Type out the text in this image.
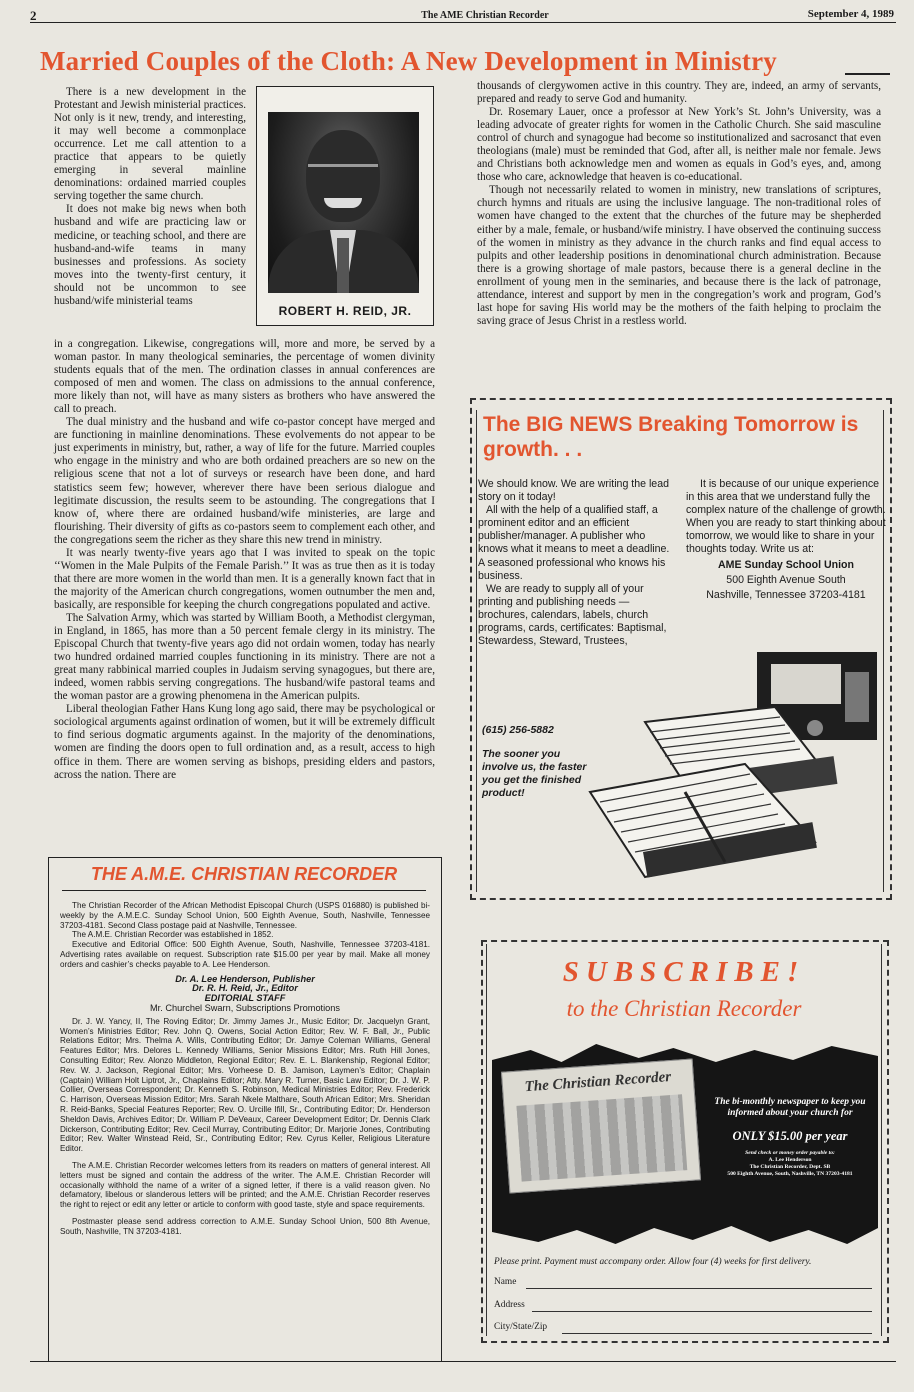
2	The AME Christian Recorder	September 4, 1989
Married Couples of the Cloth: A New Development in Ministry

There is a new development in the Protestant and Jewish ministerial practices. Not only is it new, trendy, and interesting, it may well become a commonplace occurrence. Let me call attention to a practice that appears to be quietly emerging in several mainline denominations: ordained married couples serving together the same church.

It does not make big news when both husband and wife are practicing law or medicine, or teaching school, and there are husband-and-wife teams in many businesses and professions. As society moves into the twenty-first century, it should not be uncommon to see husband/wife ministerial teams

ROBERT H. REID, JR.

in a congregation. Likewise, congregations will, more and more, be served by a woman pastor. In many theological seminaries, the percentage of women divinity students equals that of the men. The ordination classes in annual conferences are composed of men and women. The class on admissions to the annual conference, more likely than not, will have as many sisters as brothers who have answered the call to preach.

The dual ministry and the husband and wife co-pastor concept have merged and are functioning in mainline denominations. These evolvements do not appear to be just experiments in ministry, but, rather, a way of life for the future. Married couples who engage in the ministry and who are both ordained preachers are so new on the religious scene that not a lot of surveys or research have been done, and hard statistics seem few; however, wherever there have been serious dialogue and legitimate discussion, the results seem to be astounding. The congregations that I know of, where there are ordained husband/wife ministeries, are large and flourishing. Their diversity of gifts as co-pastors seem to complement each other, and the congregations seem the richer as they share this new trend in ministry.

It was nearly twenty-five years ago that I was invited to speak on the topic ‘‘Women in the Male Pulpits of the Female Parish.’’ It was as true then as it is today that there are more women in the world than men. It is a generally known fact that in the majority of the American church congregations, women outnumber the men and, basically, are responsible for keeping the church congregations populated and active.

The Salvation Army, which was started by William Booth, a Methodist clergyman, in England, in 1865, has more than a 50 percent female clergy in its ministry. The Episcopal Church that twenty-five years ago did not ordain women, today has nearly two hundred ordained married couples functioning in its ministry. There are not a great many rabbinical married couples in Judaism serving synagogues, but there are, indeed, women rabbis serving congregations. The husband/wife pastoral teams and the woman pastor are a growing phenomena in the American pulpits.

Liberal theologian Father Hans Kung long ago said, there may be psychological or sociological arguments against ordination of women, but it will be extremely difficult to find serious dogmatic arguments against. In the majority of the denominations, women are finding the doors open to full ordination and, as a result, access to high office in them. There are women serving as bishops, presiding elders and pastors, across the nation. There are

thousands of clergywomen active in this country. They are, indeed, an army of servants, prepared and ready to serve God and humanity.

Dr. Rosemary Lauer, once a professor at New York’s St. John’s University, was a leading advocate of greater rights for women in the Catholic Church. She said masculine control of church and synagogue had become so institutionalized and sacrosanct that even theologians (male) must be reminded that God, after all, is neither male nor female. Jews and Christians both acknowledge men and women as equals in God’s eyes, and, among those who care, acknowledge that heaven is co-educational.

Though not necessarily related to women in ministry, new translations of scriptures, church hymns and rituals are using the inclusive language. The non-traditional roles of women have changed to the extent that the churches of the future may be shepherded either by a male, female, or husband/wife ministry. I have observed the continuing success of the women in ministry as they advance in the church ranks and find equal access to pulpits and other leadership positions in denominational church administration. Because there is a growing shortage of male pastors, because there is a general decline in the enrollment of young men in the seminaries, and because there is the lack of patronage, attendance, interest and support by men in the congregation’s work and program, God’s last hope for saving His world may be the mothers of the faith helping to proclaim the saving grace of Jesus Christ in a restless world.

The BIG NEWS Breaking Tomorrow is growth. . .

We should know. We are writing the lead story on it today!

All with the help of a qualified staff, a prominent editor and an efficient publisher/manager. A publisher who knows what it means to meet a deadline. A seasoned professional who knows his business.

We are ready to supply all of your printing and publishing needs — brochures, calendars, labels, church programs, cards, certificates: Baptismal, Stewardess, Steward, Trustees,

It is because of our unique experience in this area that we understand fully the complex nature of the challenge of growth. When you are ready to start thinking about tomorrow, we would like to share in your thoughts today. Write us at:

AME Sunday School Union

500 Eighth Avenue South

Nashville, Tennessee 37203-4181

(615) 256-5882
The sooner you involve us, the faster you get the finished product!
THE A.M.E. CHRISTIAN RECORDER

The Christian Recorder of the African Methodist Episcopal Church (USPS 016880) is published bi-weekly by the A.M.E.C. Sunday School Union, 500 Eighth Avenue, South, Nashville, Tennessee 37203-4181. Second Class postage paid at Nashville, Tennessee.

The A.M.E. Christian Recorder was established in 1852.

Executive and Editorial Office: 500 Eighth Avenue, South, Nashville, Tennessee 37203-4181. Advertising rates available on request. Subscription rate $15.00 per year by mail. Make all money orders and cashier’s checks payable to A. Lee Henderson.

Dr. A. Lee Henderson, Publisher

Dr. R. H. Reid, Jr., Editor

EDITORIAL STAFF

Mr. Churchel Swarn, Subscriptions Promotions

Dr. J. W. Yancy, II, The Roving Editor; Dr. Jimmy James Jr., Music Editor; Dr. Jacquelyn Grant, Women’s Ministries Editor; Rev. John Q. Owens, Social Action Editor; Rev. W. F. Ball, Jr., Public Relations Editor; Mrs. Thelma A. Wills, Contributing Editor; Dr. Jamye Coleman Williams, General Features Editor; Mrs. Delores L. Kennedy Williams, Senior Missions Editor; Mrs. Ruth Hill Jones, Consulting Editor; Rev. Alonzo Middleton, Regional Editor; Rev. E. L. Blankenship, Regional Editor; Rev. W. J. Jackson, Regional Editor; Mrs. Vorheese D. B. Jamison, Laymen’s Editor; Chaplain (Captain) William Holt Liptrot, Jr., Chaplains Editor; Atty. Mary R. Turner, Basic Law Editor; Dr. J. W. P. Collier, Overseas Correspondent; Dr. Kenneth S. Robinson, Medical Ministries Editor; Rev. Frederick C. Harrison, Overseas Mission Editor; Mrs. Sarah Nkele Malthare, South African Editor; Mrs. Sheridan R. Reid-Banks, Special Features Reporter; Rev. O. Urcille Ifill, Sr., Contributing Editor; Dr. Henderson Sheldon Davis, Archives Editor; Dr. William P. DeVeaux, Career Development Editor; Dr. Dennis Clark Dickerson, Contributing Editor; Rev. Cecil Murray, Contributing Editor; Dr. Marjorie Jones, Contributing Editor; Rev. Walter Winstead Reid, Sr., Contributing Editor; Rev. Cyrus Keller, Religious Literature Editor.

The A.M.E. Christian Recorder welcomes letters from its readers on matters of general interest. All letters must be signed and contain the address of the writer. The A.M.E. Christian Recorder will occasionally withhold the name of a writer of a signed letter, if there is a valid reason given. No defamatory, libelous or slanderous letters will be printed; and the A.M.E. Christian Recorder reserves the right to reject or edit any letter or article to conform with good taste, style and space requirements.

Postmaster please send address correction to A.M.E. Sunday School Union, 500 8th Avenue, South, Nashville, TN 37203-4181.

SUBSCRIBE!
to the Christian Recorder
The Christian Recorder
The bi-monthly newspaper to keep you informed about your church for
ONLY $15.00 per year
Send check or money order payable to:
A. Lee Henderson
The Christian Recorder, Dept. SB
500 Eighth Avenue, South, Nashville, TN 37203-4181
Please print. Payment must accompany order. Allow four (4) weeks for first delivery.
Name
Address
City/State/Zip
